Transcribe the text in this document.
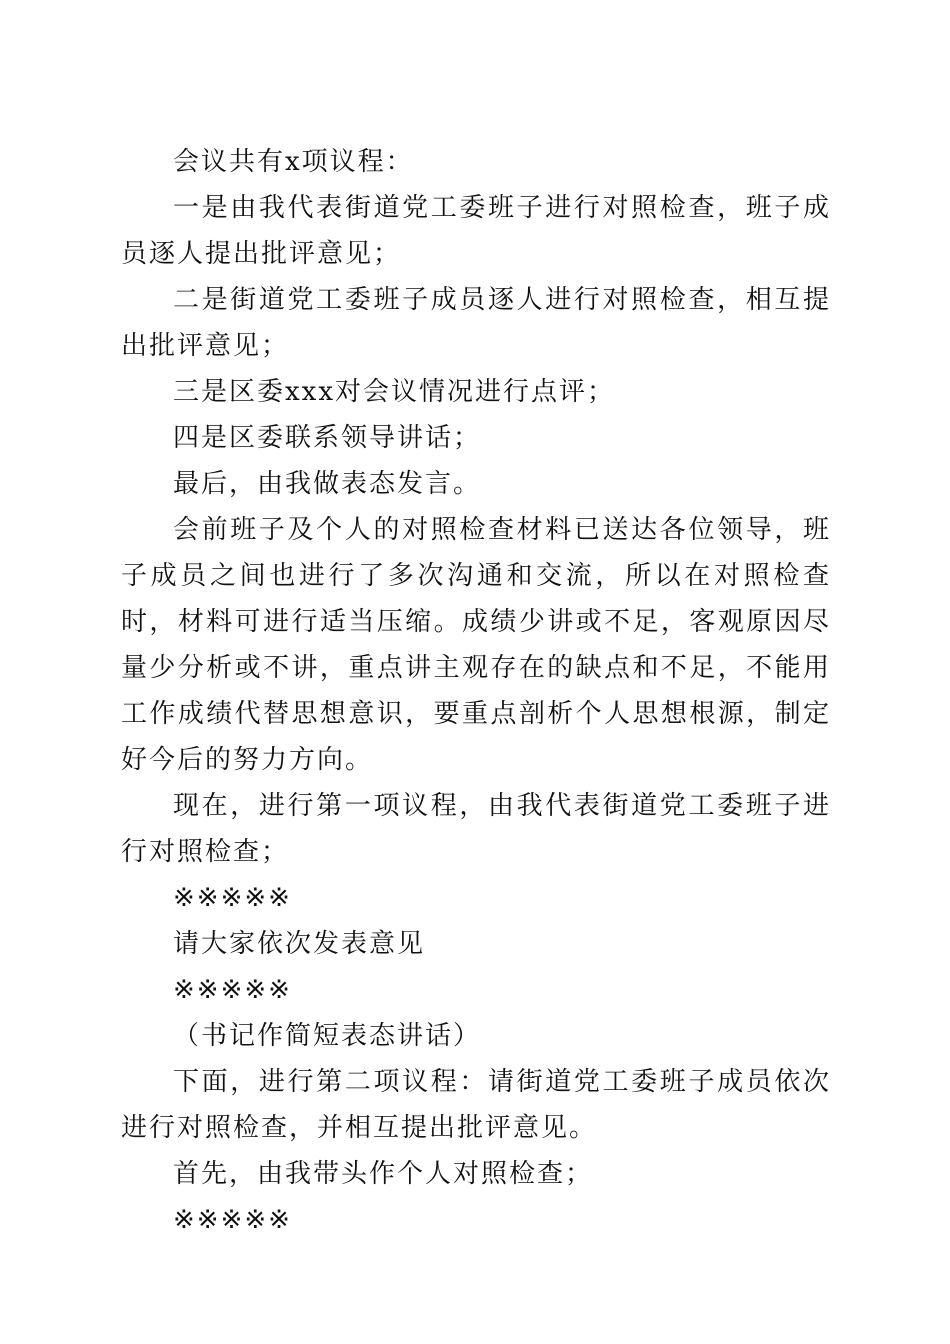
会议共有x项议程：

一是由我代表街道党工委班子进行对照检查，班子成员逐人提出批评意见；

二是街道党工委班子成员逐人进行对照检查，相互提出批评意见；

三是区委xxx对会议情况进行点评；

四是区委联系领导讲话；

最后，由我做表态发言。

会前班子及个人的对照检查材料已送达各位领导，班子成员之间也进行了多次沟通和交流，所以在对照检查时，材料可进行适当压缩。成绩少讲或不足，客观原因尽量少分析或不讲，重点讲主观存在的缺点和不足，不能用工作成绩代替思想意识，要重点剖析个人思想根源，制定好今后的努力方向。

现在，进行第一项议程，由我代表街道党工委班子进行对照检查；

※※※※※

请大家依次发表意见

※※※※※

（书记作简短表态讲话）

下面，进行第二项议程：请街道党工委班子成员依次进行对照检查，并相互提出批评意见。

首先，由我带头作个人对照检查；

※※※※※
